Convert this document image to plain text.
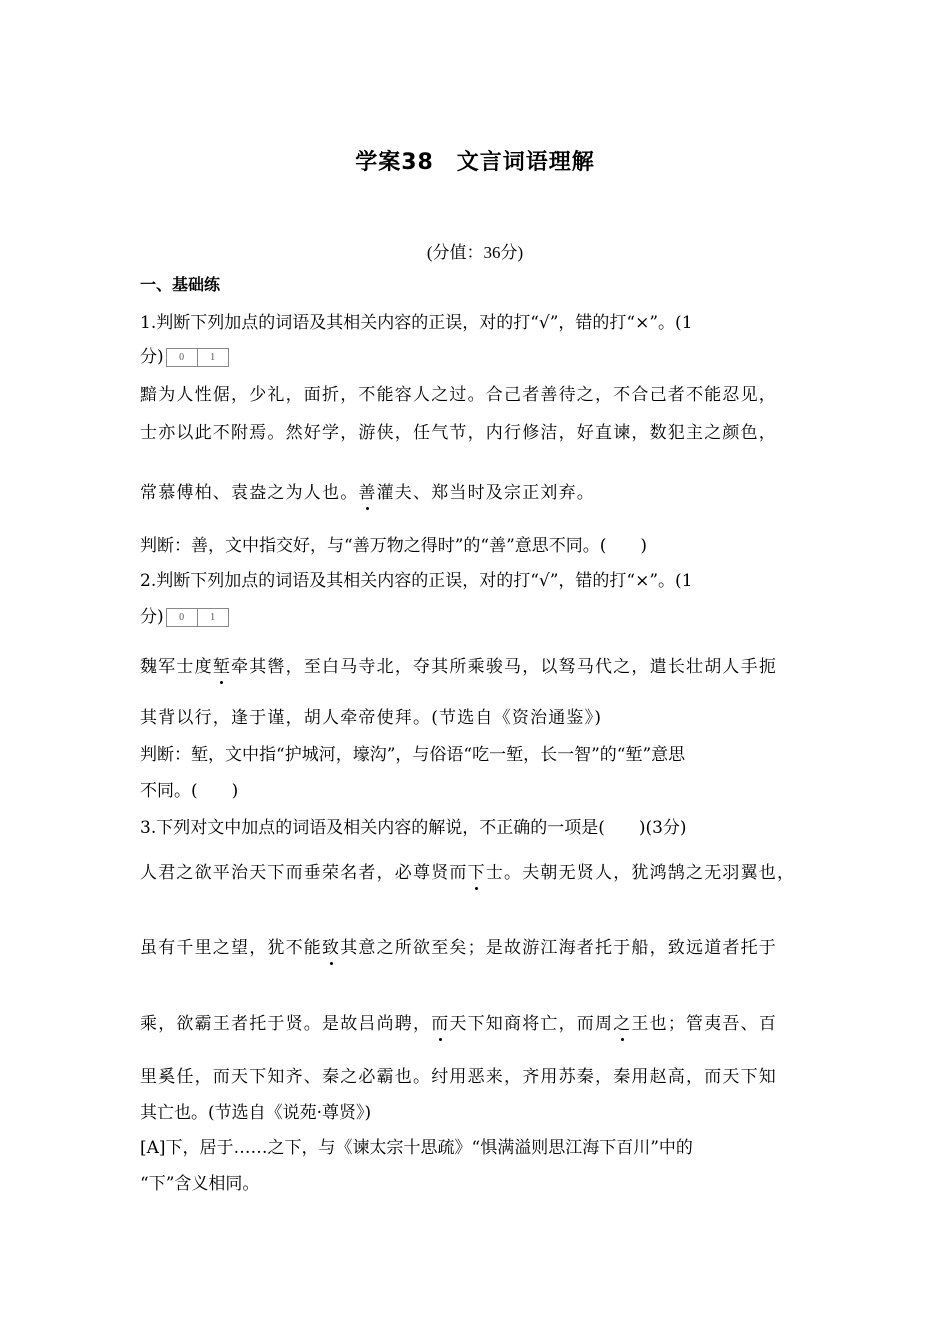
学案38　文言词语理解
(分值：36分)
一、基础练
1.判断下列加点的词语及其相关内容的正误，对的打“√”，错的打“×”。(1
分)	0	1
黯为人性倨，少礼，面折，不能容人之过。合己者善待之，不合己者不能忍见，
士亦以此不附焉。然好学，游侠，任气节，内行修洁，好直谏，数犯主之颜色，
常慕傅柏、袁盎之为人也。善灌夫、郑当时及宗正刘弃。
判断：善，文中指交好，与“善万物之得时”的“善”意思不同。(　　)
2.判断下列加点的词语及其相关内容的正误，对的打“√”，错的打“×”。(1
分)	0	1
魏军士度堑牵其辔，至白马寺北，夺其所乘骏马，以驽马代之，遣长壮胡人手扼
其背以行，逢于谨，胡人牵帝使拜。(节选自《资治通鉴》)
判断：堑，文中指“护城河，壕沟”，与俗语“吃一堑，长一智”的“堑”意思
不同。(　　)
3.下列对文中加点的词语及相关内容的解说，不正确的一项是(　　)(3分)
人君之欲平治天下而垂荣名者，必尊贤而下士。夫朝无贤人，犹鸿鹄之无羽翼也，
虽有千里之望，犹不能致其意之所欲至矣；是故游江海者托于船，致远道者托于
乘，欲霸王者托于贤。是故吕尚聘，而天下知商将亡，而周之王也；管夷吾、百
里奚任，而天下知齐、秦之必霸也。纣用恶来，齐用苏秦，秦用赵高，而天下知
其亡也。(节选自《说苑·尊贤》)
[A]下，居于……之下，与《谏太宗十思疏》“惧满溢则思江海下百川”中的
“下”含义相同。
